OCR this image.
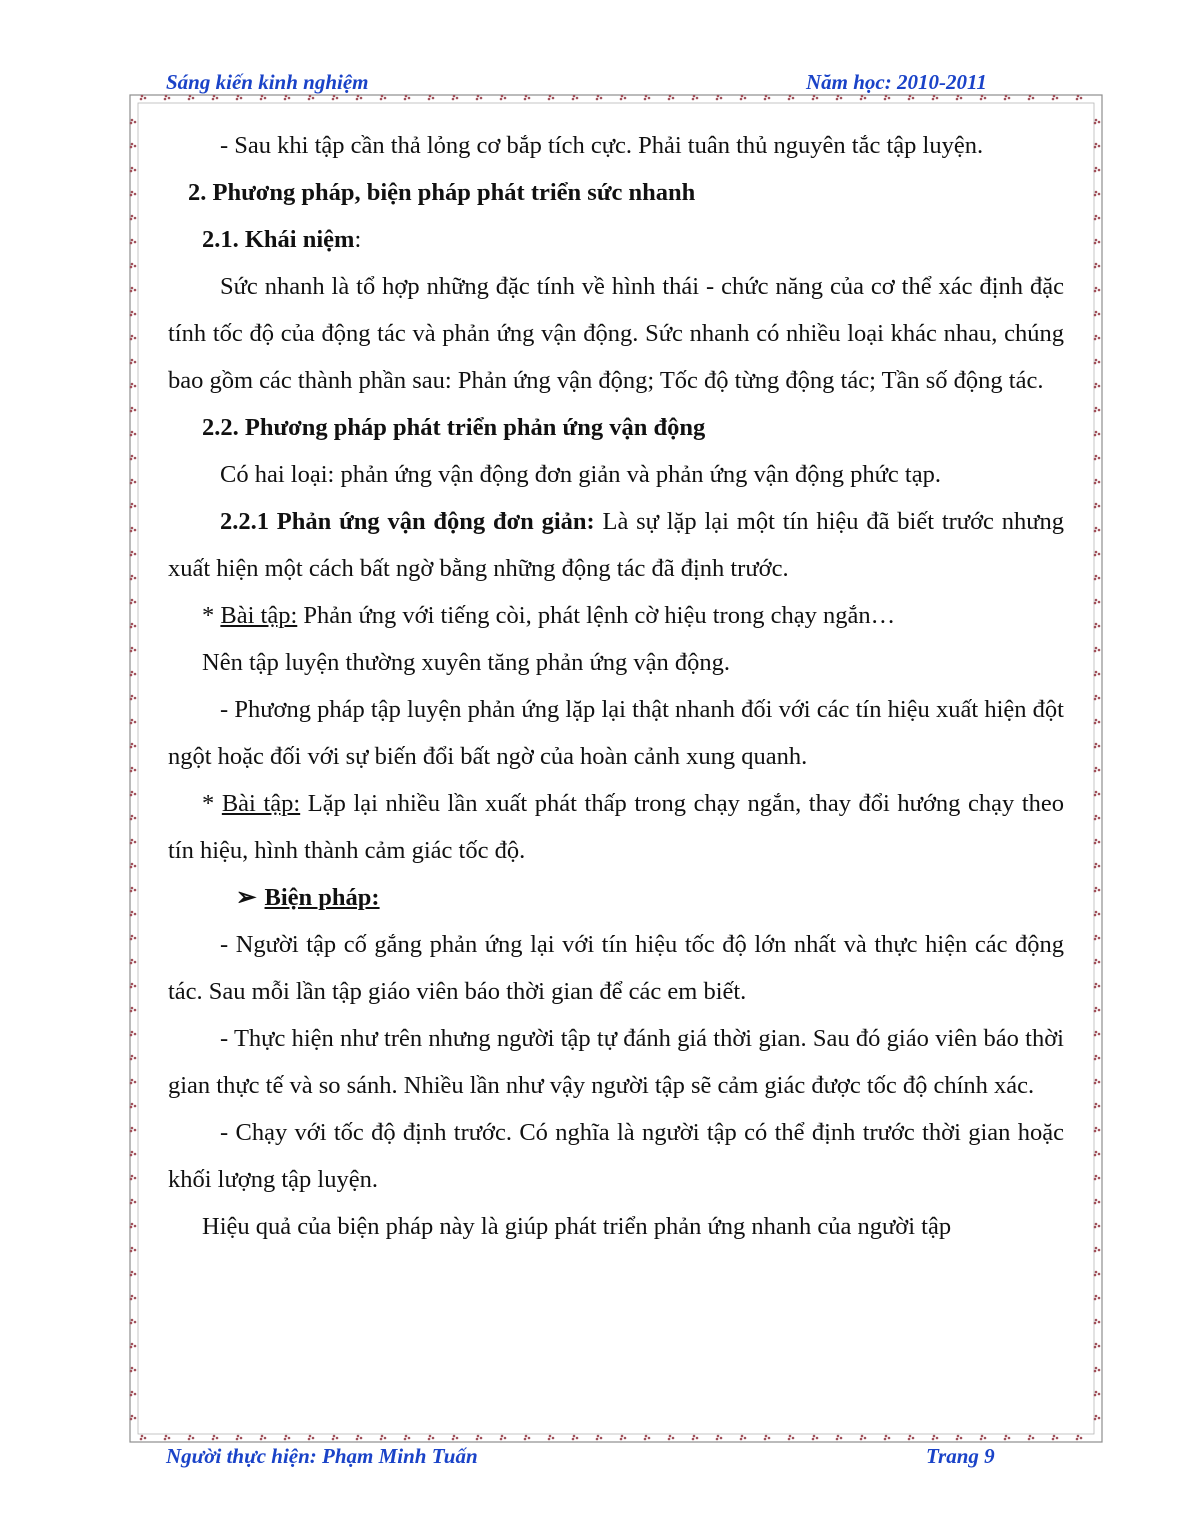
Sáng kiến kinh nghiệm	Năm học: 2010-2011

- Sau khi tập cần thả lỏng cơ bắp tích cực. Phải tuân thủ nguyên tắc tập luyện.

2. Phương pháp, biện pháp phát triển sức nhanh

2.1. Khái niệm:

Sức nhanh là tổ hợp những đặc tính về hình thái - chức năng của cơ thể xác định đặc tính tốc độ của động tác và phản ứng vận động. Sức nhanh có nhiều loại khác nhau, chúng bao gồm các thành phần sau: Phản ứng vận động; Tốc độ từng động tác; Tần số động tác.

2.2. Phương pháp phát triển phản ứng vận động

Có hai loại: phản ứng vận động đơn giản và phản ứng vận động phức tạp.

2.2.1 Phản ứng vận động đơn giản: Là sự lặp lại một tín hiệu đã biết trước nhưng xuất hiện một cách bất ngờ bằng những động tác đã định trước.

* Bài tập: Phản ứng với tiếng còi, phát lệnh cờ hiệu trong chạy ngắn…

Nên tập luyện thường xuyên tăng phản ứng vận động.

- Phương pháp tập luyện phản ứng lặp lại thật nhanh đối với các tín hiệu xuất hiện đột ngột hoặc đối với sự biến đổi bất ngờ của hoàn cảnh xung quanh.

* Bài tập: Lặp lại nhiều lần xuất phát thấp trong chạy ngắn, thay đổi hướng chạy theo tín hiệu, hình thành cảm giác tốc độ.

➢ Biện pháp:

- Người tập cố gắng phản ứng lại với tín hiệu tốc độ lớn nhất và thực hiện các động tác. Sau mỗi lần tập giáo viên báo thời gian để các em biết.

- Thực hiện như trên nhưng người tập tự đánh giá thời gian. Sau đó giáo viên báo thời gian thực tế và so sánh. Nhiều lần như vậy người tập sẽ cảm giác được tốc độ chính xác.

- Chạy với tốc độ định trước. Có nghĩa là người tập có thể định trước thời gian hoặc khối lượng tập luyện.

Hiệu quả của biện pháp này là giúp phát triển phản ứng nhanh của người tập

Người thực hiện: Phạm Minh Tuấn	Trang 9
